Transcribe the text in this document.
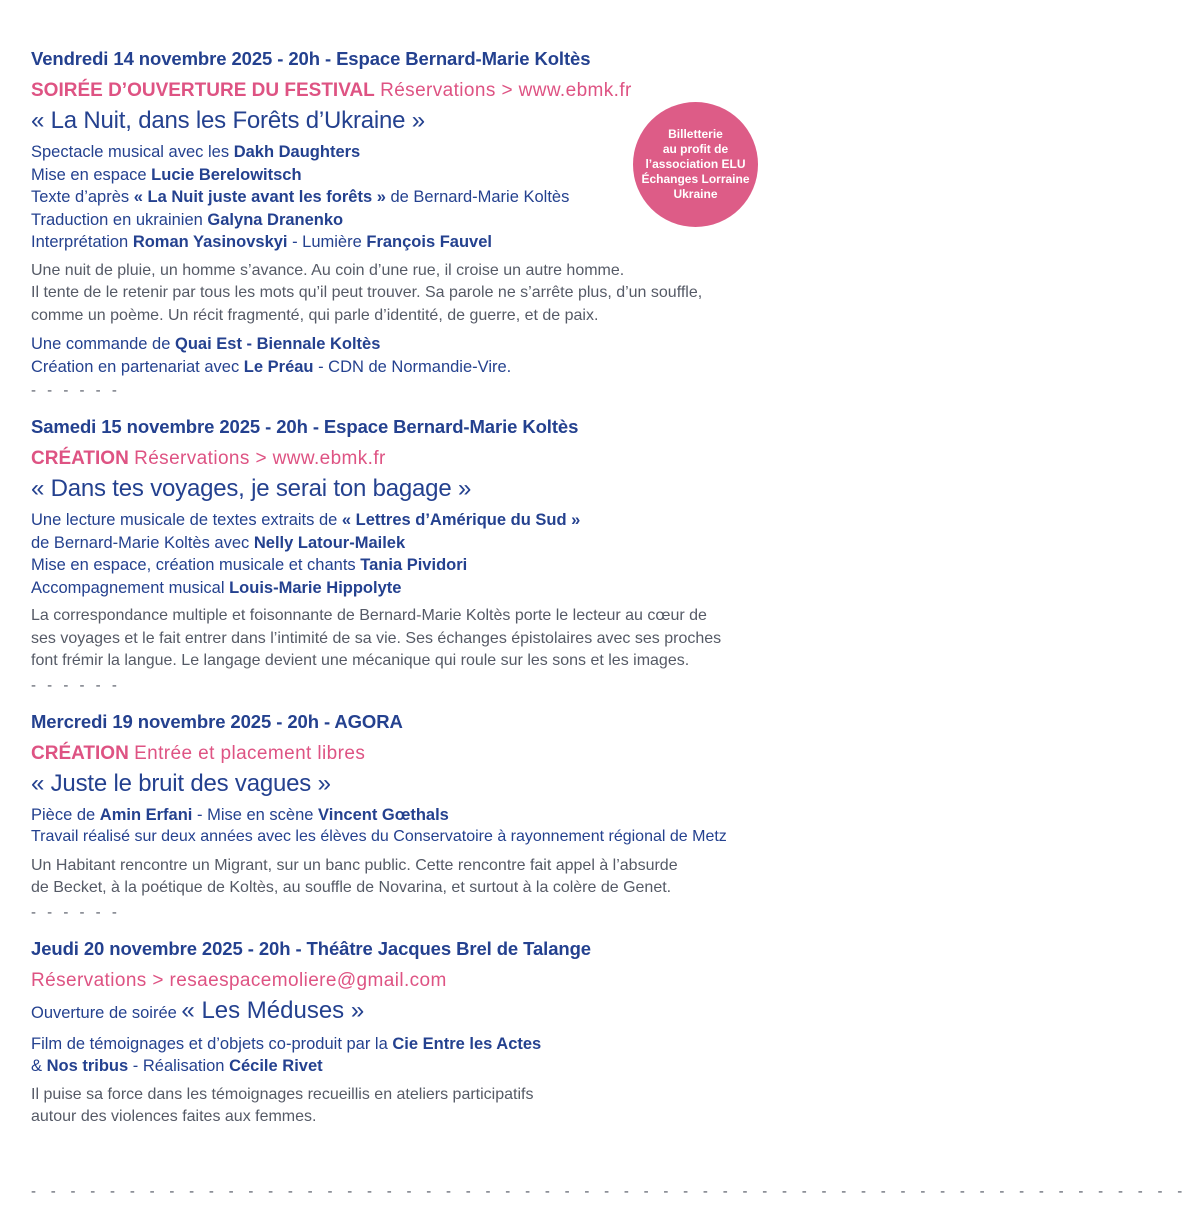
Vendredi 14 novembre 2025 - 20h - Espace Bernard-Marie Koltès

SOIRÉE D’OUVERTURE DU FESTIVAL Réservations > www.ebmk.fr

« La Nuit, dans les Forêts d’Ukraine »

Spectacle musical avec les Dakh Daughters
Mise en espace Lucie Berelowitsch
Texte d’après « La Nuit juste avant les forêts » de Bernard-Marie Koltès
Traduction en ukrainien Galyna Dranenko
Interprétation Roman Yasinovskyi - Lumière François Fauvel
Une nuit de pluie, un homme s’avance. Au coin d’une rue, il croise un autre homme.
Il tente de le retenir par tous les mots qu’il peut trouver. Sa parole ne s’arrête plus, d’un souffle,
comme un poème. Un récit fragmenté, qui parle d’identité, de guerre, et de paix.
Une commande de Quai Est - Biennale Koltès
Création en partenariat avec Le Préau - CDN de Normandie-Vire.
- - - - - -

Samedi 15 novembre 2025 - 20h - Espace Bernard-Marie Koltès

CRÉATION Réservations > www.ebmk.fr

« Dans tes voyages, je serai ton bagage »

Une lecture musicale de textes extraits de « Lettres d’Amérique du Sud »
de Bernard-Marie Koltès avec Nelly Latour-Mailek
Mise en espace, création musicale et chants Tania Pividori
Accompagnement musical Louis-Marie Hippolyte
La correspondance multiple et foisonnante de Bernard-Marie Koltès porte le lecteur au cœur de
ses voyages et le fait entrer dans l’intimité de sa vie. Ses échanges épistolaires avec ses proches
font frémir la langue. Le langage devient une mécanique qui roule sur les sons et les images.
- - - - - -

Mercredi 19 novembre 2025 - 20h - AGORA

CRÉATION Entrée et placement libres

« Juste le bruit des vagues »

Pièce de Amin Erfani - Mise en scène Vincent Gœthals
Travail réalisé sur deux années avec les élèves du Conservatoire à rayonnement régional de Metz
Un Habitant rencontre un Migrant, sur un banc public. Cette rencontre fait appel à l’absurde
de Becket, à la poétique de Koltès, au souffle de Novarina, et surtout à la colère de Genet.
- - - - - -

Jeudi 20 novembre 2025 - 20h - Théâtre Jacques Brel de Talange

Réservations > resaespacemoliere@gmail.com

Ouverture de soirée « Les Méduses »

Film de témoignages et d’objets co-produit par la Cie Entre les Actes
& Nos tribus - Réalisation Cécile Rivet
Il puise sa force dans les témoignages recueillis en ateliers participatifs
autour des violences faites aux femmes.
Billetterie
au profit de
l’association ELU
Échanges Lorraine
Ukraine
- - - - - - - - - - - - - - - - - - - - - - - - - - - - - - - - - - - - - - - - - - - - - - - - - - - - - - - - - - -
